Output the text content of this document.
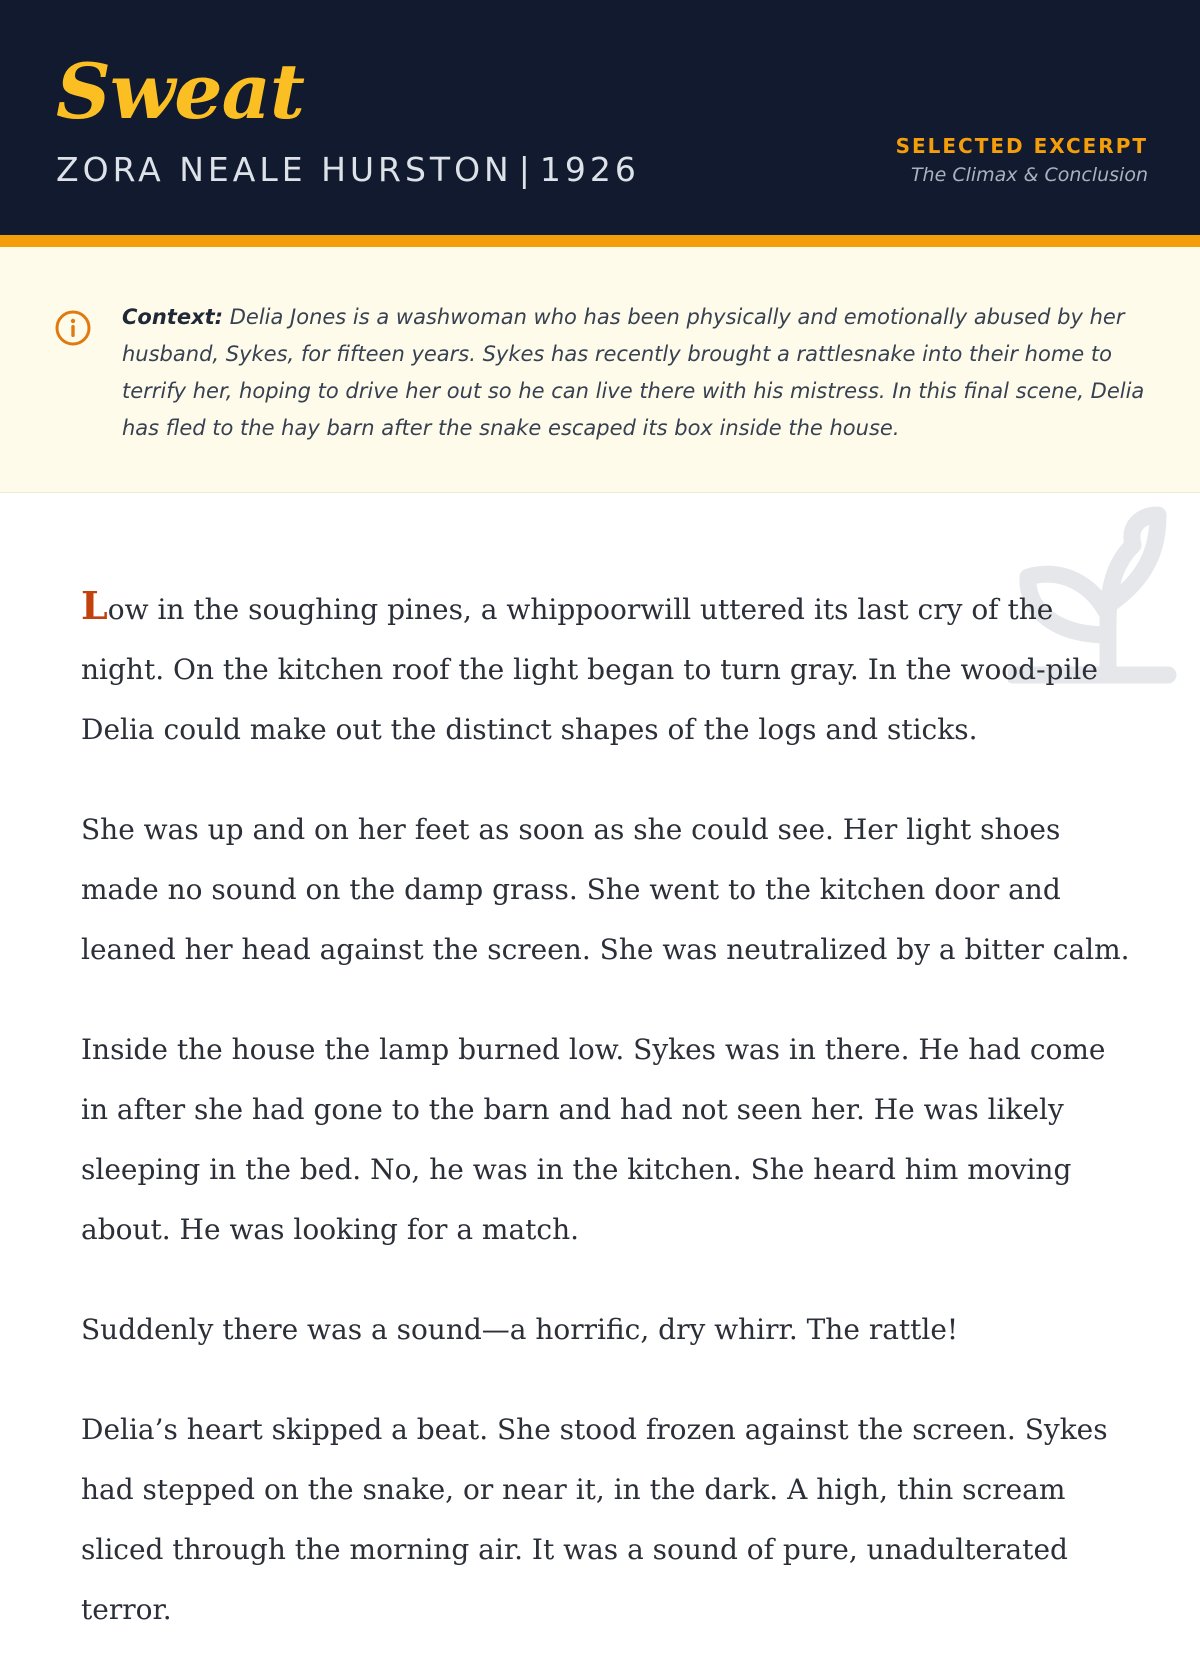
Sweat
ZORA NEALE HURSTON | 1926
SELECTED EXCERPT
The Climax & Conclusion

Context: Delia Jones is a washwoman who has been physically and emotionally abused by her husband, Sykes, for fifteen years. Sykes has recently brought a rattlesnake into their home to terrify her, hoping to drive her out so he can live there with his mistress. In this final scene, Delia has fled to the hay barn after the snake escaped its box inside the house.

Low in the soughing pines, a whippoorwill uttered its last cry of the night. On the kitchen roof the light began to turn gray. In the wood-pile Delia could make out the distinct shapes of the logs and sticks.

She was up and on her feet as soon as she could see. Her light shoes made no sound on the damp grass. She went to the kitchen door and leaned her head against the screen. She was neutralized by a bitter calm.

Inside the house the lamp burned low. Sykes was in there. He had come in after she had gone to the barn and had not seen her. He was likely sleeping in the bed. No, he was in the kitchen. She heard him moving about. He was looking for a match.

Suddenly there was a sound—a horrific, dry whirr. The rattle!

Delia’s heart skipped a beat. She stood frozen against the screen. Sykes had stepped on the snake, or near it, in the dark. A high, thin scream sliced through the morning air. It was a sound of pure, unadulterated terror.
